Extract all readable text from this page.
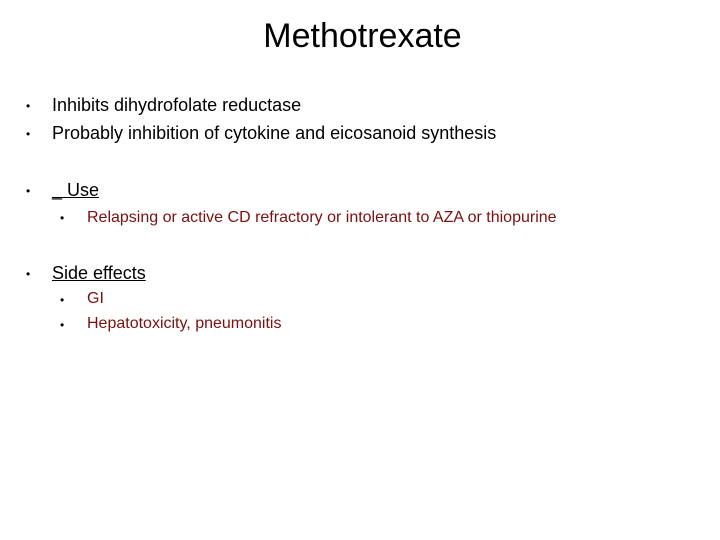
Methotrexate
• Inhibits dihydrofolate reductase
• Probably inhibition of cytokine and eicosanoid synthesis
• _ Use
• Relapsing or active CD refractory or intolerant to AZA or thiopurine
• Side effects
• GI
• Hepatotoxicity, pneumonitis
